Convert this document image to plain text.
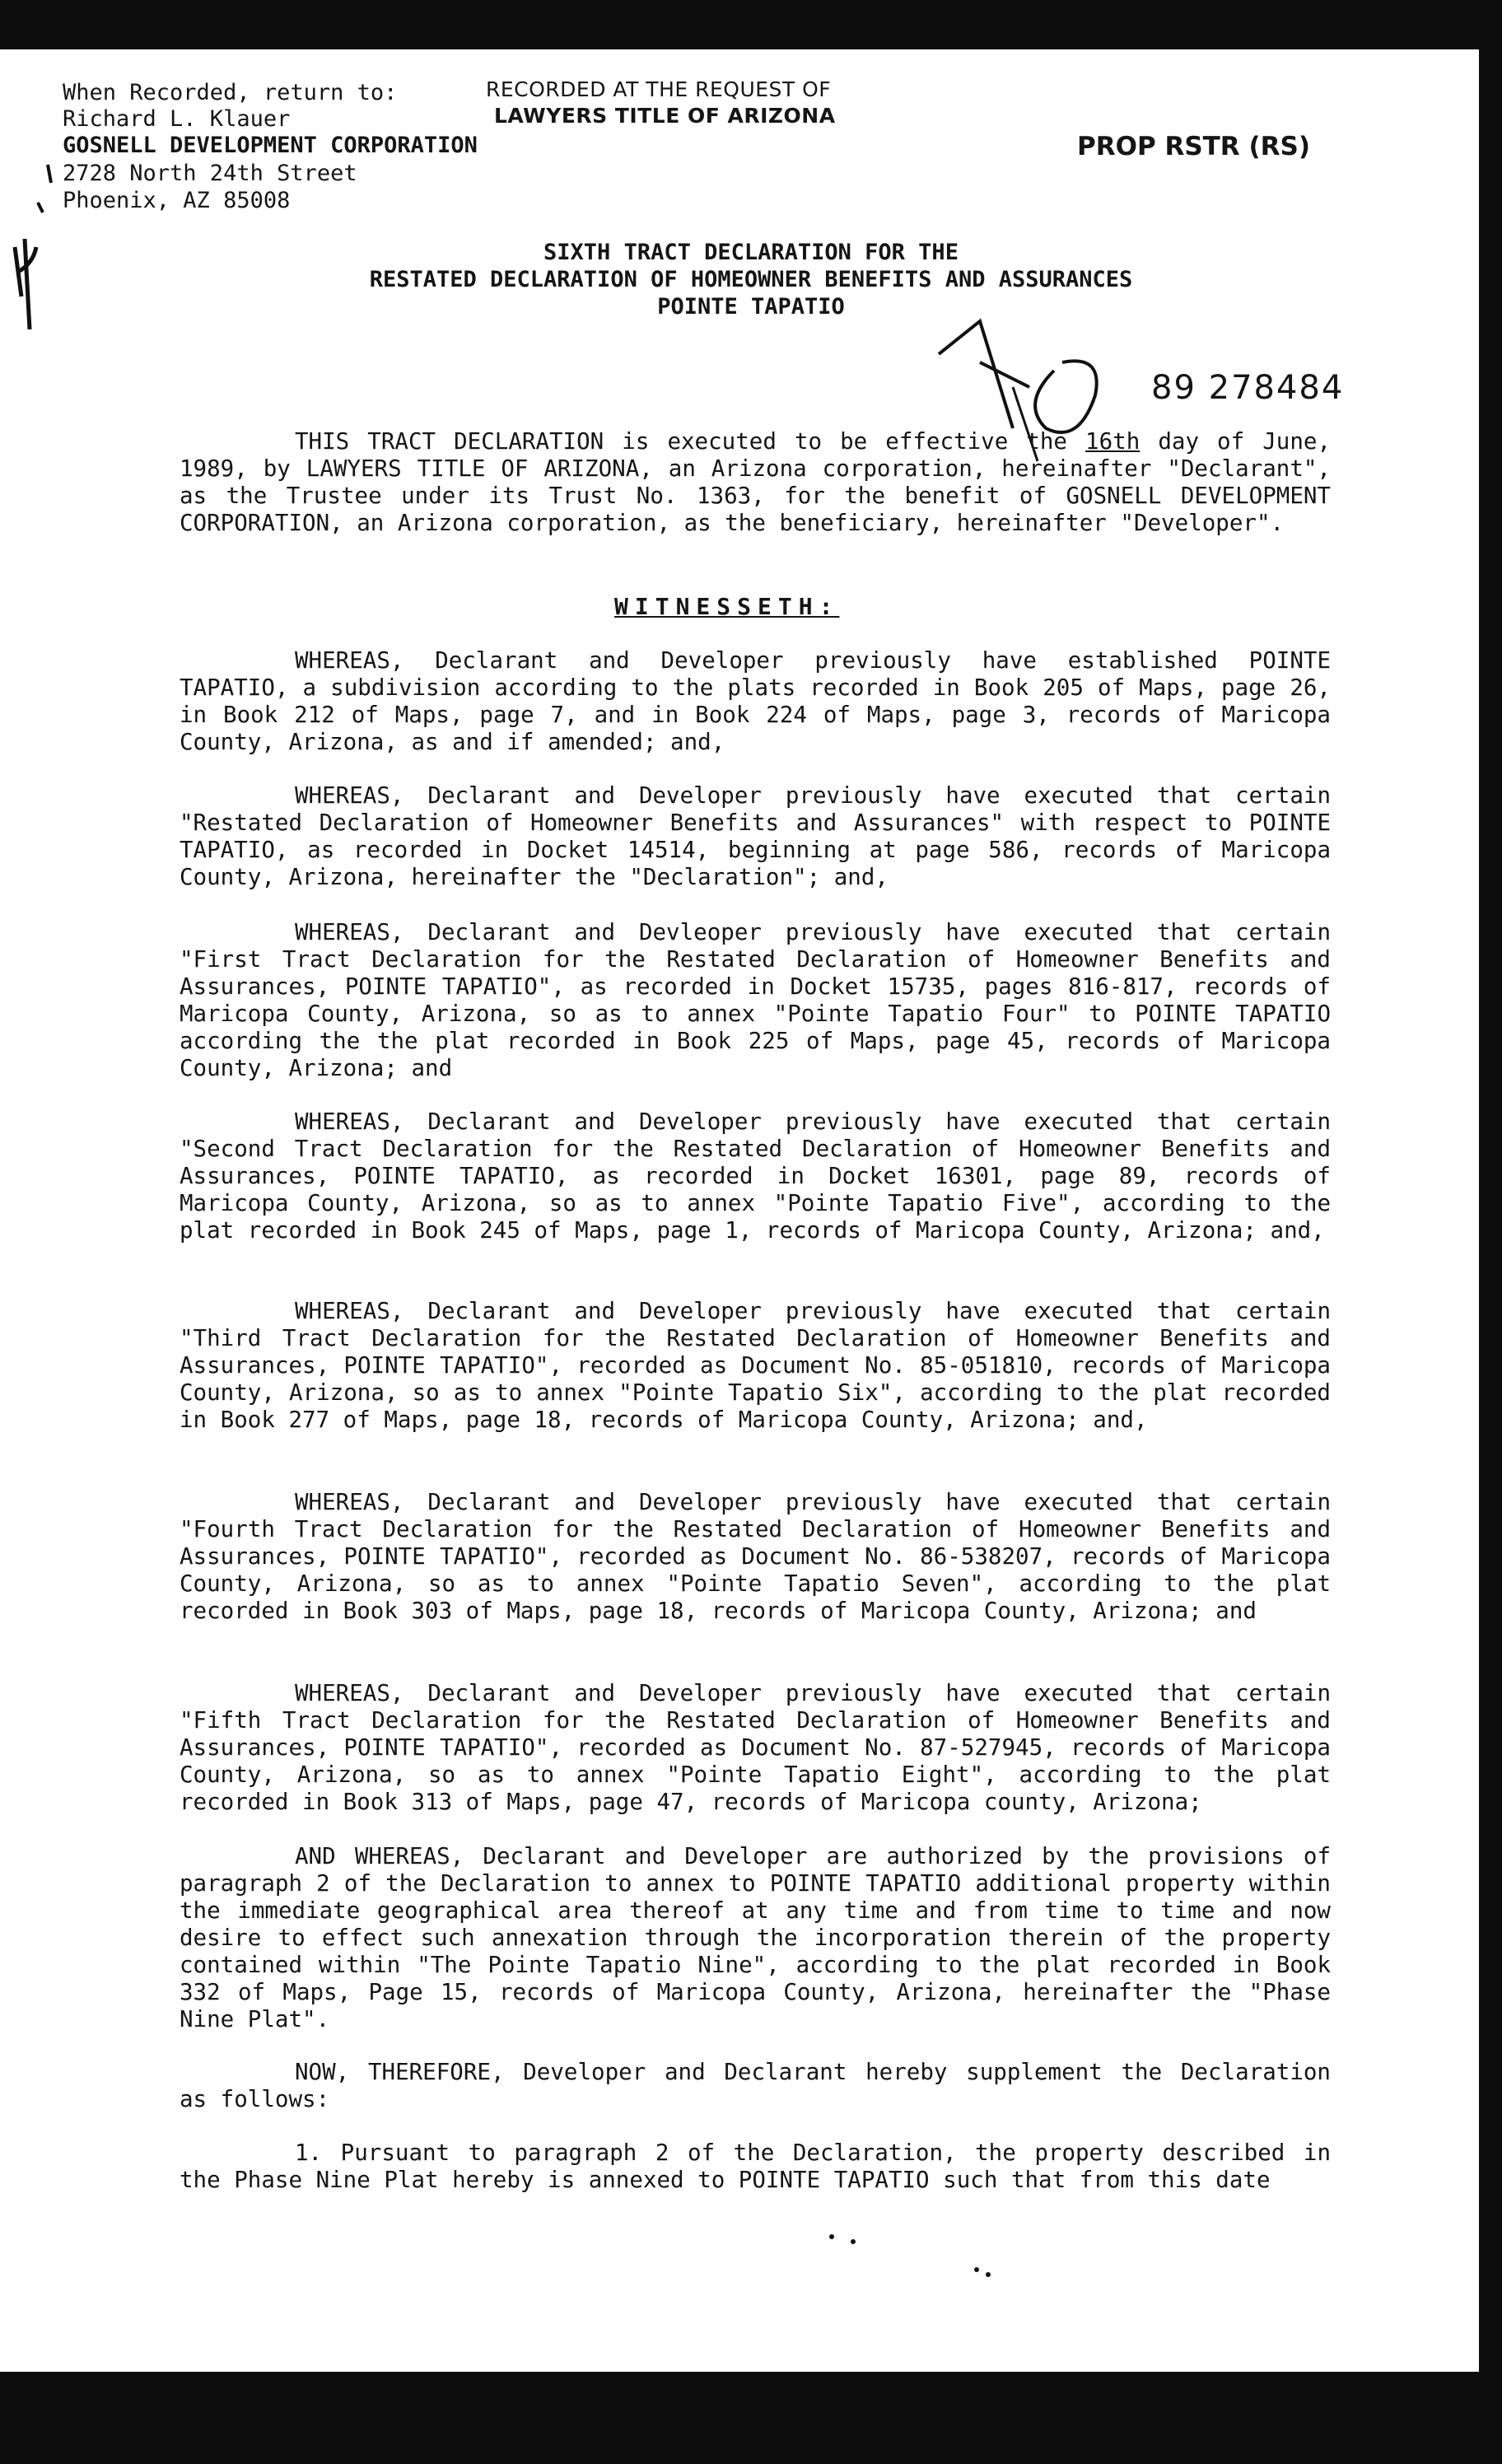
When Recorded, return to:
Richard L. Klauer
GOSNELL DEVELOPMENT CORPORATION
2728 North 24th Street
Phoenix, AZ 85008
RECORDED AT THE REQUEST OF
LAWYERS TITLE OF ARIZONA
PROP RSTR (RS)
SIXTH TRACT DECLARATION FOR THE
RESTATED DECLARATION OF HOMEOWNER BENEFITS AND ASSURANCES
POINTE TAPATIO
89 278484
THIS TRACT DECLARATION is executed to be effective the 16th day of June, 1989, by LAWYERS TITLE OF ARIZONA, an Arizona corporation, hereinafter "Declarant", as the Trustee under its Trust No. 1363, for the benefit of GOSNELL DEVELOPMENT CORPORATION, an Arizona corporation, as the beneficiary, hereinafter "Developer".
WITNESSETH:
WHEREAS, Declarant and Developer previously have established POINTE TAPATIO, a subdivision according to the plats recorded in Book 205 of Maps, page 26, in Book 212 of Maps, page 7, and in Book 224 of Maps, page 3, records of Maricopa County, Arizona, as and if amended; and,
WHEREAS, Declarant and Developer previously have executed that certain "Restated Declaration of Homeowner Benefits and Assurances" with respect to POINTE TAPATIO, as recorded in Docket 14514, beginning at page 586, records of Maricopa County, Arizona, hereinafter the "Declaration"; and,
WHEREAS, Declarant and Devleoper previously have executed that certain "First Tract Declaration for the Restated Declaration of Homeowner Benefits and Assurances, POINTE TAPATIO", as recorded in Docket 15735, pages 816-817, records of Maricopa County, Arizona, so as to annex "Pointe Tapatio Four" to POINTE TAPATIO according the the plat recorded in Book 225 of Maps, page 45, records of Maricopa County, Arizona; and
WHEREAS, Declarant and Developer previously have executed that certain "Second Tract Declaration for the Restated Declaration of Homeowner Benefits and Assurances, POINTE TAPATIO, as recorded in Docket 16301, page 89, records of Maricopa County, Arizona, so as to annex "Pointe Tapatio Five", according to the plat recorded in Book 245 of Maps, page 1, records of Maricopa County, Arizona; and,
WHEREAS, Declarant and Developer previously have executed that certain "Third Tract Declaration for the Restated Declaration of Homeowner Benefits and Assurances, POINTE TAPATIO", recorded as Document No. 85-051810, records of Maricopa County, Arizona, so as to annex "Pointe Tapatio Six", according to the plat recorded in Book 277 of Maps, page 18, records of Maricopa County, Arizona; and,
WHEREAS, Declarant and Developer previously have executed that certain "Fourth Tract Declaration for the Restated Declaration of Homeowner Benefits and Assurances, POINTE TAPATIO", recorded as Document No. 86-538207, records of Maricopa County, Arizona, so as to annex "Pointe Tapatio Seven", according to the plat recorded in Book 303 of Maps, page 18, records of Maricopa County, Arizona; and
WHEREAS, Declarant and Developer previously have executed that certain "Fifth Tract Declaration for the Restated Declaration of Homeowner Benefits and Assurances, POINTE TAPATIO", recorded as Document No. 87-527945, records of Maricopa County, Arizona, so as to annex "Pointe Tapatio Eight", according to the plat recorded in Book 313 of Maps, page 47, records of Maricopa county, Arizona;
AND WHEREAS, Declarant and Developer are authorized by the provisions of paragraph 2 of the Declaration to annex to POINTE TAPATIO additional property within the immediate geographical area thereof at any time and from time to time and now desire to effect such annexation through the incorporation therein of the property contained within "The Pointe Tapatio Nine", according to the plat recorded in Book 332 of Maps, Page 15, records of Maricopa County, Arizona, hereinafter the "Phase Nine Plat".
NOW, THEREFORE, Developer and Declarant hereby supplement the Declaration as follows:
1. Pursuant to paragraph 2 of the Declaration, the property described in the Phase Nine Plat hereby is annexed to POINTE TAPATIO such that from this date
